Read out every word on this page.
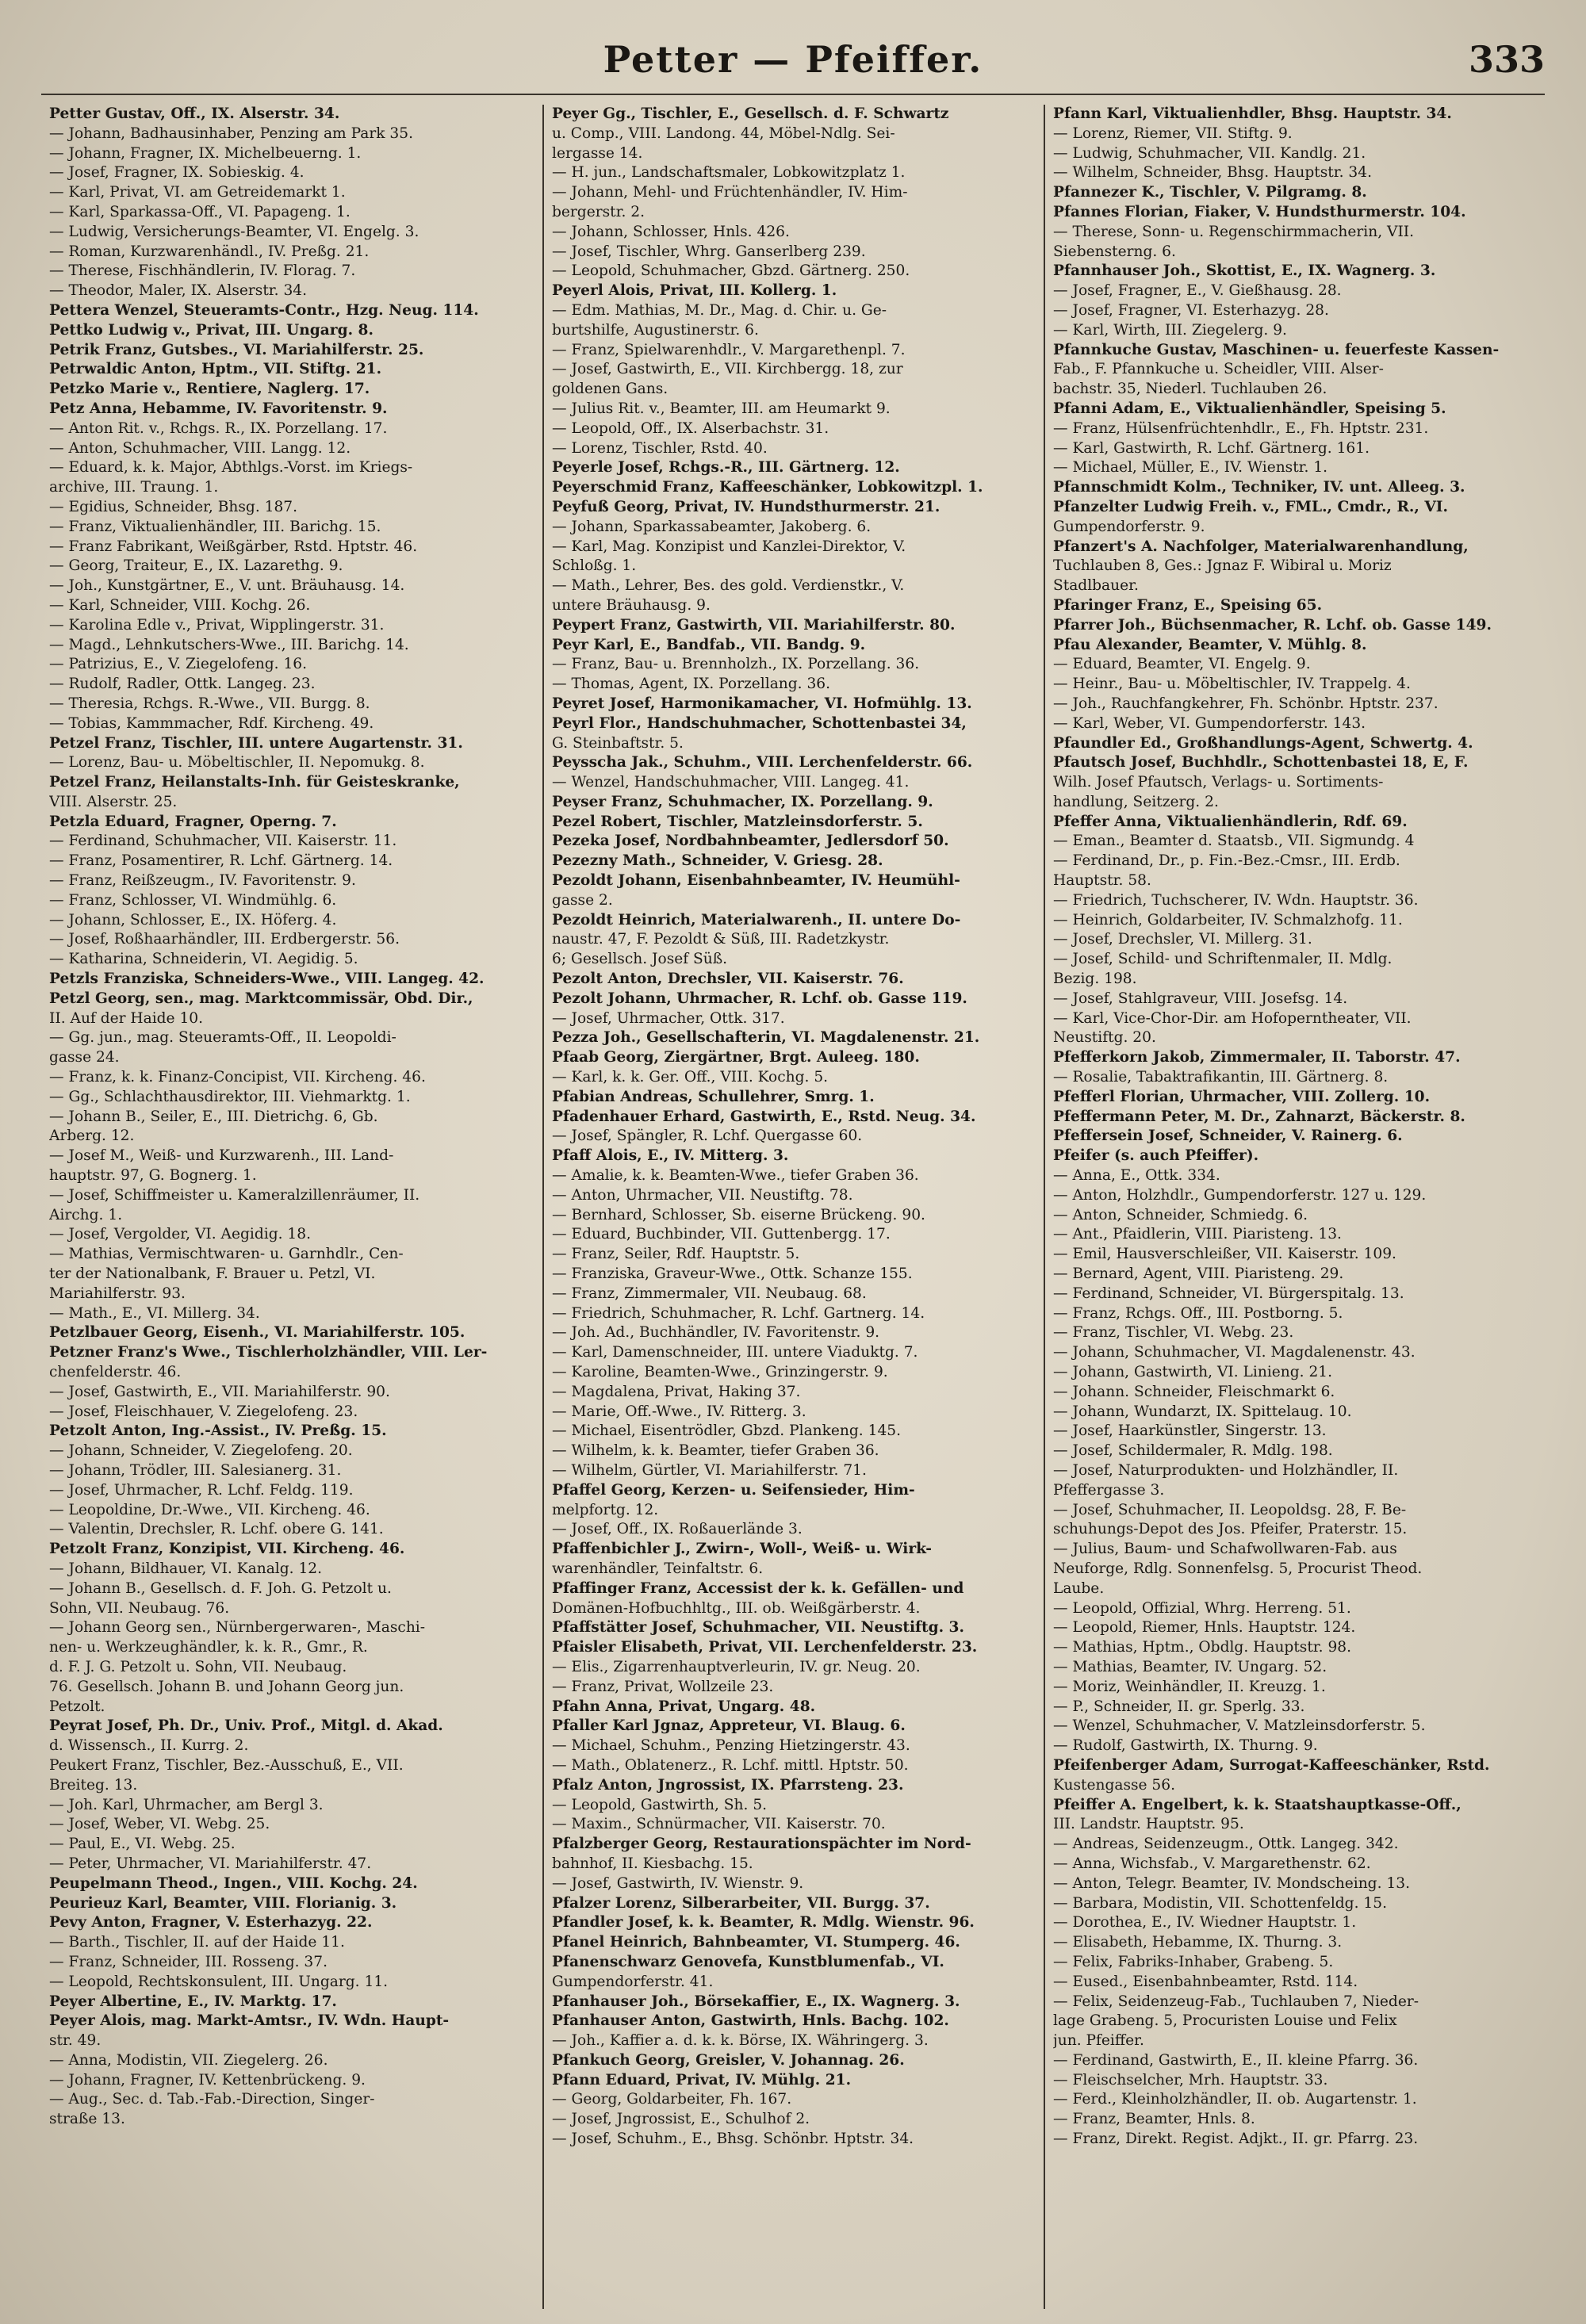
Petter — Pfeiffer.	333

Petter Gustav, Off., IX. Alserstr. 34.

— Johann, Badhausinhaber, Penzing am Park 35.

— Johann, Fragner, IX. Michelbeuerng. 1.

— Josef, Fragner, IX. Sobieskig. 4.

— Karl, Privat, VI. am Getreidemarkt 1.

— Karl, Sparkassa-Off., VI. Papageng. 1.

— Ludwig, Versicherungs-Beamter, VI. Engelg. 3.

— Roman, Kurzwarenhändl., IV. Preßg. 21.

— Therese, Fischhändlerin, IV. Florag. 7.

— Theodor, Maler, IX. Alserstr. 34.

Pettera Wenzel, Steueramts-Contr., Hzg. Neug. 114.

Pettko Ludwig v., Privat, III. Ungarg. 8.

Petrik Franz, Gutsbes., VI. Mariahilferstr. 25.

Petrwaldic Anton, Hptm., VII. Stiftg. 21.

Petzko Marie v., Rentiere, Naglerg. 17.

Petz Anna, Hebamme, IV. Favoritenstr. 9.

— Anton Rit. v., Rchgs. R., IX. Porzellang. 17.

— Anton, Schuhmacher, VIII. Langg. 12.

— Eduard, k. k. Major, Abthlgs.-Vorst. im Kriegs-

archive, III. Traung. 1.

— Egidius, Schneider, Bhsg. 187.

— Franz, Viktualienhändler, III. Barichg. 15.

— Franz Fabrikant, Weißgärber, Rstd. Hptstr. 46.

— Georg, Traiteur, E., IX. Lazarethg. 9.

— Joh., Kunstgärtner, E., V. unt. Bräuhausg. 14.

— Karl, Schneider, VIII. Kochg. 26.

— Karolina Edle v., Privat, Wipplingerstr. 31.

— Magd., Lehnkutschers-Wwe., III. Barichg. 14.

— Patrizius, E., V. Ziegelofeng. 16.

— Rudolf, Radler, Ottk. Langeg. 23.

— Theresia, Rchgs. R.-Wwe., VII. Burgg. 8.

— Tobias, Kammmacher, Rdf. Kircheng. 49.

Petzel Franz, Tischler, III. untere Augartenstr. 31.

— Lorenz, Bau- u. Möbeltischler, II. Nepomukg. 8.

Petzel Franz, Heilanstalts-Inh. für Geisteskranke,

VIII. Alserstr. 25.

Petzla Eduard, Fragner, Operng. 7.

— Ferdinand, Schuhmacher, VII. Kaiserstr. 11.

— Franz, Posamentirer, R. Lchf. Gärtnerg. 14.

— Franz, Reißzeugm., IV. Favoritenstr. 9.

— Franz, Schlosser, VI. Windmühlg. 6.

— Johann, Schlosser, E., IX. Höferg. 4.

— Josef, Roßhaarhändler, III. Erdbergerstr. 56.

— Katharina, Schneiderin, VI. Aegidig. 5.

Petzls Franziska, Schneiders-Wwe., VIII. Langeg. 42.

Petzl Georg, sen., mag. Marktcommissär, Obd. Dir.,

II. Auf der Haide 10.

— Gg. jun., mag. Steueramts-Off., II. Leopoldi-

gasse 24.

— Franz, k. k. Finanz-Concipist, VII. Kircheng. 46.

— Gg., Schlachthausdirektor, III. Viehmarktg. 1.

— Johann B., Seiler, E., III. Dietrichg. 6, Gb.

Arberg. 12.

— Josef M., Weiß- und Kurzwarenh., III. Land-

hauptstr. 97, G. Bognerg. 1.

— Josef, Schiffmeister u. Kameralzillenräumer, II.

Airchg. 1.

— Josef, Vergolder, VI. Aegidig. 18.

— Mathias, Vermischtwaren- u. Garnhdlr., Cen-

ter der Nationalbank, F. Brauer u. Petzl, VI.

Mariahilferstr. 93.

— Math., E., VI. Millerg. 34.

Petzlbauer Georg, Eisenh., VI. Mariahilferstr. 105.

Petzner Franz's Wwe., Tischlerholzhändler, VIII. Ler-

chenfelderstr. 46.

— Josef, Gastwirth, E., VII. Mariahilferstr. 90.

— Josef, Fleischhauer, V. Ziegelofeng. 23.

Petzolt Anton, Ing.-Assist., IV. Preßg. 15.

— Johann, Schneider, V. Ziegelofeng. 20.

— Johann, Trödler, III. Salesianerg. 31.

— Josef, Uhrmacher, R. Lchf. Feldg. 119.

— Leopoldine, Dr.-Wwe., VII. Kircheng. 46.

— Valentin, Drechsler, R. Lchf. obere G. 141.

Petzolt Franz, Konzipist, VII. Kircheng. 46.

— Johann, Bildhauer, VI. Kanalg. 12.

— Johann B., Gesellsch. d. F. Joh. G. Petzolt u.

Sohn, VII. Neubaug. 76.

— Johann Georg sen., Nürnbergerwaren-, Maschi-

nen- u. Werkzeughändler, k. k. R., Gmr., R.

d. F. J. G. Petzolt u. Sohn, VII. Neubaug.

76. Gesellsch. Johann B. und Johann Georg jun.

Petzolt.

Peyrat Josef, Ph. Dr., Univ. Prof., Mitgl. d. Akad.

d. Wissensch., II. Kurrg. 2.

Peukert Franz, Tischler, Bez.-Ausschuß, E., VII.

Breiteg. 13.

— Joh. Karl, Uhrmacher, am Bergl 3.

— Josef, Weber, VI. Webg. 25.

— Paul, E., VI. Webg. 25.

— Peter, Uhrmacher, VI. Mariahilferstr. 47.

Peupelmann Theod., Ingen., VIII. Kochg. 24.

Peurieuz Karl, Beamter, VIII. Florianig. 3.

Pevy Anton, Fragner, V. Esterhazyg. 22.

— Barth., Tischler, II. auf der Haide 11.

— Franz, Schneider, III. Rosseng. 37.

— Leopold, Rechtskonsulent, III. Ungarg. 11.

Peyer Albertine, E., IV. Marktg. 17.

Peyer Alois, mag. Markt-Amtsr., IV. Wdn. Haupt-

str. 49.

— Anna, Modistin, VII. Ziegelerg. 26.

— Johann, Fragner, IV. Kettenbrückeng. 9.

— Aug., Sec. d. Tab.-Fab.-Direction, Singer-

straße 13.

Peyer Gg., Tischler, E., Gesellsch. d. F. Schwartz

u. Comp., VIII. Landong. 44, Möbel-Ndlg. Sei-

lergasse 14.

— H. jun., Landschaftsmaler, Lobkowitzplatz 1.

— Johann, Mehl- und Früchtenhändler, IV. Him-

bergerstr. 2.

— Johann, Schlosser, Hnls. 426.

— Josef, Tischler, Whrg. Ganserlberg 239.

— Leopold, Schuhmacher, Gbzd. Gärtnerg. 250.

Peyerl Alois, Privat, III. Kollerg. 1.

— Edm. Mathias, M. Dr., Mag. d. Chir. u. Ge-

burtshilfe, Augustinerstr. 6.

— Franz, Spielwarenhdlr., V. Margarethenpl. 7.

— Josef, Gastwirth, E., VII. Kirchbergg. 18, zur

goldenen Gans.

— Julius Rit. v., Beamter, III. am Heumarkt 9.

— Leopold, Off., IX. Alserbachstr. 31.

— Lorenz, Tischler, Rstd. 40.

Peyerle Josef, Rchgs.-R., III. Gärtnerg. 12.

Peyerschmid Franz, Kaffeeschänker, Lobkowitzpl. 1.

Peyfuß Georg, Privat, IV. Hundsthurmerstr. 21.

— Johann, Sparkassabeamter, Jakoberg. 6.

— Karl, Mag. Konzipist und Kanzlei-Direktor, V.

Schloßg. 1.

— Math., Lehrer, Bes. des gold. Verdienstkr., V.

untere Bräuhausg. 9.

Peypert Franz, Gastwirth, VII. Mariahilferstr. 80.

Peyr Karl, E., Bandfab., VII. Bandg. 9.

— Franz, Bau- u. Brennholzh., IX. Porzellang. 36.

— Thomas, Agent, IX. Porzellang. 36.

Peyret Josef, Harmonikamacher, VI. Hofmühlg. 13.

Peyrl Flor., Handschuhmacher, Schottenbastei 34,

G. Steinbaftstr. 5.

Peysscha Jak., Schuhm., VIII. Lerchenfelderstr. 66.

— Wenzel, Handschuhmacher, VIII. Langeg. 41.

Peyser Franz, Schuhmacher, IX. Porzellang. 9.

Pezel Robert, Tischler, Matzleinsdorferstr. 5.

Pezeka Josef, Nordbahnbeamter, Jedlersdorf 50.

Pezezny Math., Schneider, V. Griesg. 28.

Pezoldt Johann, Eisenbahnbeamter, IV. Heumühl-

gasse 2.

Pezoldt Heinrich, Materialwarenh., II. untere Do-

naustr. 47, F. Pezoldt & Süß, III. Radetzkystr.

6; Gesellsch. Josef Süß.

Pezolt Anton, Drechsler, VII. Kaiserstr. 76.

Pezolt Johann, Uhrmacher, R. Lchf. ob. Gasse 119.

— Josef, Uhrmacher, Ottk. 317.

Pezza Joh., Gesellschafterin, VI. Magdalenenstr. 21.

Pfaab Georg, Ziergärtner, Brgt. Auleeg. 180.

— Karl, k. k. Ger. Off., VIII. Kochg. 5.

Pfabian Andreas, Schullehrer, Smrg. 1.

Pfadenhauer Erhard, Gastwirth, E., Rstd. Neug. 34.

— Josef, Spängler, R. Lchf. Quergasse 60.

Pfaff Alois, E., IV. Mitterg. 3.

— Amalie, k. k. Beamten-Wwe., tiefer Graben 36.

— Anton, Uhrmacher, VII. Neustiftg. 78.

— Bernhard, Schlosser, Sb. eiserne Brückeng. 90.

— Eduard, Buchbinder, VII. Guttenbergg. 17.

— Franz, Seiler, Rdf. Hauptstr. 5.

— Franziska, Graveur-Wwe., Ottk. Schanze 155.

— Franz, Zimmermaler, VII. Neubaug. 68.

— Friedrich, Schuhmacher, R. Lchf. Gartnerg. 14.

— Joh. Ad., Buchhändler, IV. Favoritenstr. 9.

— Karl, Damenschneider, III. untere Viaduktg. 7.

— Karoline, Beamten-Wwe., Grinzingerstr. 9.

— Magdalena, Privat, Haking 37.

— Marie, Off.-Wwe., IV. Ritterg. 3.

— Michael, Eisentrödler, Gbzd. Plankeng. 145.

— Wilhelm, k. k. Beamter, tiefer Graben 36.

— Wilhelm, Gürtler, VI. Mariahilferstr. 71.

Pfaffel Georg, Kerzen- u. Seifensieder, Him-

melpfortg. 12.

— Josef, Off., IX. Roßauerlände 3.

Pfaffenbichler J., Zwirn-, Woll-, Weiß- u. Wirk-

warenhändler, Teinfaltstr. 6.

Pfaffinger Franz, Accessist der k. k. Gefällen- und

Domänen-Hofbuchhltg., III. ob. Weißgärberstr. 4.

Pfaffstätter Josef, Schuhmacher, VII. Neustiftg. 3.

Pfaisler Elisabeth, Privat, VII. Lerchenfelderstr. 23.

— Elis., Zigarrenhauptverleurin, IV. gr. Neug. 20.

— Franz, Privat, Wollzeile 23.

Pfahn Anna, Privat, Ungarg. 48.

Pfaller Karl Jgnaz, Appreteur, VI. Blaug. 6.

— Michael, Schuhm., Penzing Hietzingerstr. 43.

— Math., Oblatenerz., R. Lchf. mittl. Hptstr. 50.

Pfalz Anton, Jngrossist, IX. Pfarrsteng. 23.

— Leopold, Gastwirth, Sh. 5.

— Maxim., Schnürmacher, VII. Kaiserstr. 70.

Pfalzberger Georg, Restaurationspächter im Nord-

bahnhof, II. Kiesbachg. 15.

— Josef, Gastwirth, IV. Wienstr. 9.

Pfalzer Lorenz, Silberarbeiter, VII. Burgg. 37.

Pfandler Josef, k. k. Beamter, R. Mdlg. Wienstr. 96.

Pfanel Heinrich, Bahnbeamter, VI. Stumperg. 46.

Pfanenschwarz Genovefa, Kunstblumenfab., VI.

Gumpendorferstr. 41.

Pfanhauser Joh., Börsekaffier, E., IX. Wagnerg. 3.

Pfanhauser Anton, Gastwirth, Hnls. Bachg. 102.

— Joh., Kaffier a. d. k. k. Börse, IX. Währingerg. 3.

Pfankuch Georg, Greisler, V. Johannag. 26.

Pfann Eduard, Privat, IV. Mühlg. 21.

— Georg, Goldarbeiter, Fh. 167.

— Josef, Jngrossist, E., Schulhof 2.

— Josef, Schuhm., E., Bhsg. Schönbr. Hptstr. 34.

Pfann Karl, Viktualienhdler, Bhsg. Hauptstr. 34.

— Lorenz, Riemer, VII. Stiftg. 9.

— Ludwig, Schuhmacher, VII. Kandlg. 21.

— Wilhelm, Schneider, Bhsg. Hauptstr. 34.

Pfannezer K., Tischler, V. Pilgramg. 8.

Pfannes Florian, Fiaker, V. Hundsthurmerstr. 104.

— Therese, Sonn- u. Regenschirmmacherin, VII.

Siebensterng. 6.

Pfannhauser Joh., Skottist, E., IX. Wagnerg. 3.

— Josef, Fragner, E., V. Gießhausg. 28.

— Josef, Fragner, VI. Esterhazyg. 28.

— Karl, Wirth, III. Ziegelerg. 9.

Pfannkuche Gustav, Maschinen- u. feuerfeste Kassen-

Fab., F. Pfannkuche u. Scheidler, VIII. Alser-

bachstr. 35, Niederl. Tuchlauben 26.

Pfanni Adam, E., Viktualienhändler, Speising 5.

— Franz, Hülsenfrüchtenhdlr., E., Fh. Hptstr. 231.

— Karl, Gastwirth, R. Lchf. Gärtnerg. 161.

— Michael, Müller, E., IV. Wienstr. 1.

Pfannschmidt Kolm., Techniker, IV. unt. Alleeg. 3.

Pfanzelter Ludwig Freih. v., FML., Cmdr., R., VI.

Gumpendorferstr. 9.

Pfanzert's A. Nachfolger, Materialwarenhandlung,

Tuchlauben 8, Ges.: Jgnaz F. Wibiral u. Moriz

Stadlbauer.

Pfaringer Franz, E., Speising 65.

Pfarrer Joh., Büchsenmacher, R. Lchf. ob. Gasse 149.

Pfau Alexander, Beamter, V. Mühlg. 8.

— Eduard, Beamter, VI. Engelg. 9.

— Heinr., Bau- u. Möbeltischler, IV. Trappelg. 4.

— Joh., Rauchfangkehrer, Fh. Schönbr. Hptstr. 237.

— Karl, Weber, VI. Gumpendorferstr. 143.

Pfaundler Ed., Großhandlungs-Agent, Schwertg. 4.

Pfautsch Josef, Buchhdlr., Schottenbastei 18, E, F.

Wilh. Josef Pfautsch, Verlags- u. Sortiments-

handlung, Seitzerg. 2.

Pfeffer Anna, Viktualienhändlerin, Rdf. 69.

— Eman., Beamter d. Staatsb., VII. Sigmundg. 4

— Ferdinand, Dr., p. Fin.-Bez.-Cmsr., III. Erdb.

Hauptstr. 58.

— Friedrich, Tuchscherer, IV. Wdn. Hauptstr. 36.

— Heinrich, Goldarbeiter, IV. Schmalzhofg. 11.

— Josef, Drechsler, VI. Millerg. 31.

— Josef, Schild- und Schriftenmaler, II. Mdlg.

Bezig. 198.

— Josef, Stahlgraveur, VIII. Josefsg. 14.

— Karl, Vice-Chor-Dir. am Hofoperntheater, VII.

Neustiftg. 20.

Pfefferkorn Jakob, Zimmermaler, II. Taborstr. 47.

— Rosalie, Tabaktrafikantin, III. Gärtnerg. 8.

Pfefferl Florian, Uhrmacher, VIII. Zollerg. 10.

Pfeffermann Peter, M. Dr., Zahnarzt, Bäckerstr. 8.

Pfeffersein Josef, Schneider, V. Rainerg. 6.

Pfeifer (s. auch Pfeiffer).

— Anna, E., Ottk. 334.

— Anton, Holzhdlr., Gumpendorferstr. 127 u. 129.

— Anton, Schneider, Schmiedg. 6.

— Ant., Pfaidlerin, VIII. Piaristeng. 13.

— Emil, Hausverschleißer, VII. Kaiserstr. 109.

— Bernard, Agent, VIII. Piaristeng. 29.

— Ferdinand, Schneider, VI. Bürgerspitalg. 13.

— Franz, Rchgs. Off., III. Postborng. 5.

— Franz, Tischler, VI. Webg. 23.

— Johann, Schuhmacher, VI. Magdalenenstr. 43.

— Johann, Gastwirth, VI. Linieng. 21.

— Johann. Schneider, Fleischmarkt 6.

— Johann, Wundarzt, IX. Spittelaug. 10.

— Josef, Haarkünstler, Singerstr. 13.

— Josef, Schildermaler, R. Mdlg. 198.

— Josef, Naturprodukten- und Holzhändler, II.

Pfeffergasse 3.

— Josef, Schuhmacher, II. Leopoldsg. 28, F. Be-

schuhungs-Depot des Jos. Pfeifer, Praterstr. 15.

— Julius, Baum- und Schafwollwaren-Fab. aus

Neuforge, Rdlg. Sonnenfelsg. 5, Procurist Theod.

Laube.

— Leopold, Offizial, Whrg. Herreng. 51.

— Leopold, Riemer, Hnls. Hauptstr. 124.

— Mathias, Hptm., Obdlg. Hauptstr. 98.

— Mathias, Beamter, IV. Ungarg. 52.

— Moriz, Weinhändler, II. Kreuzg. 1.

— P., Schneider, II. gr. Sperlg. 33.

— Wenzel, Schuhmacher, V. Matzleinsdorferstr. 5.

— Rudolf, Gastwirth, IX. Thurng. 9.

Pfeifenberger Adam, Surrogat-Kaffeeschänker, Rstd.

Kustengasse 56.

Pfeiffer A. Engelbert, k. k. Staatshauptkasse-Off.,

III. Landstr. Hauptstr. 95.

— Andreas, Seidenzeugm., Ottk. Langeg. 342.

— Anna, Wichsfab., V. Margarethenstr. 62.

— Anton, Telegr. Beamter, IV. Mondscheing. 13.

— Barbara, Modistin, VII. Schottenfeldg. 15.

— Dorothea, E., IV. Wiedner Hauptstr. 1.

— Elisabeth, Hebamme, IX. Thurng. 3.

— Felix, Fabriks-Inhaber, Grabeng. 5.

— Eused., Eisenbahnbeamter, Rstd. 114.

— Felix, Seidenzeug-Fab., Tuchlauben 7, Nieder-

lage Grabeng. 5, Procuristen Louise und Felix

jun. Pfeiffer.

— Ferdinand, Gastwirth, E., II. kleine Pfarrg. 36.

— Fleischselcher, Mrh. Hauptstr. 33.

— Ferd., Kleinholzhändler, II. ob. Augartenstr. 1.

— Franz, Beamter, Hnls. 8.

— Franz, Direkt. Regist. Adjkt., II. gr. Pfarrg. 23.
